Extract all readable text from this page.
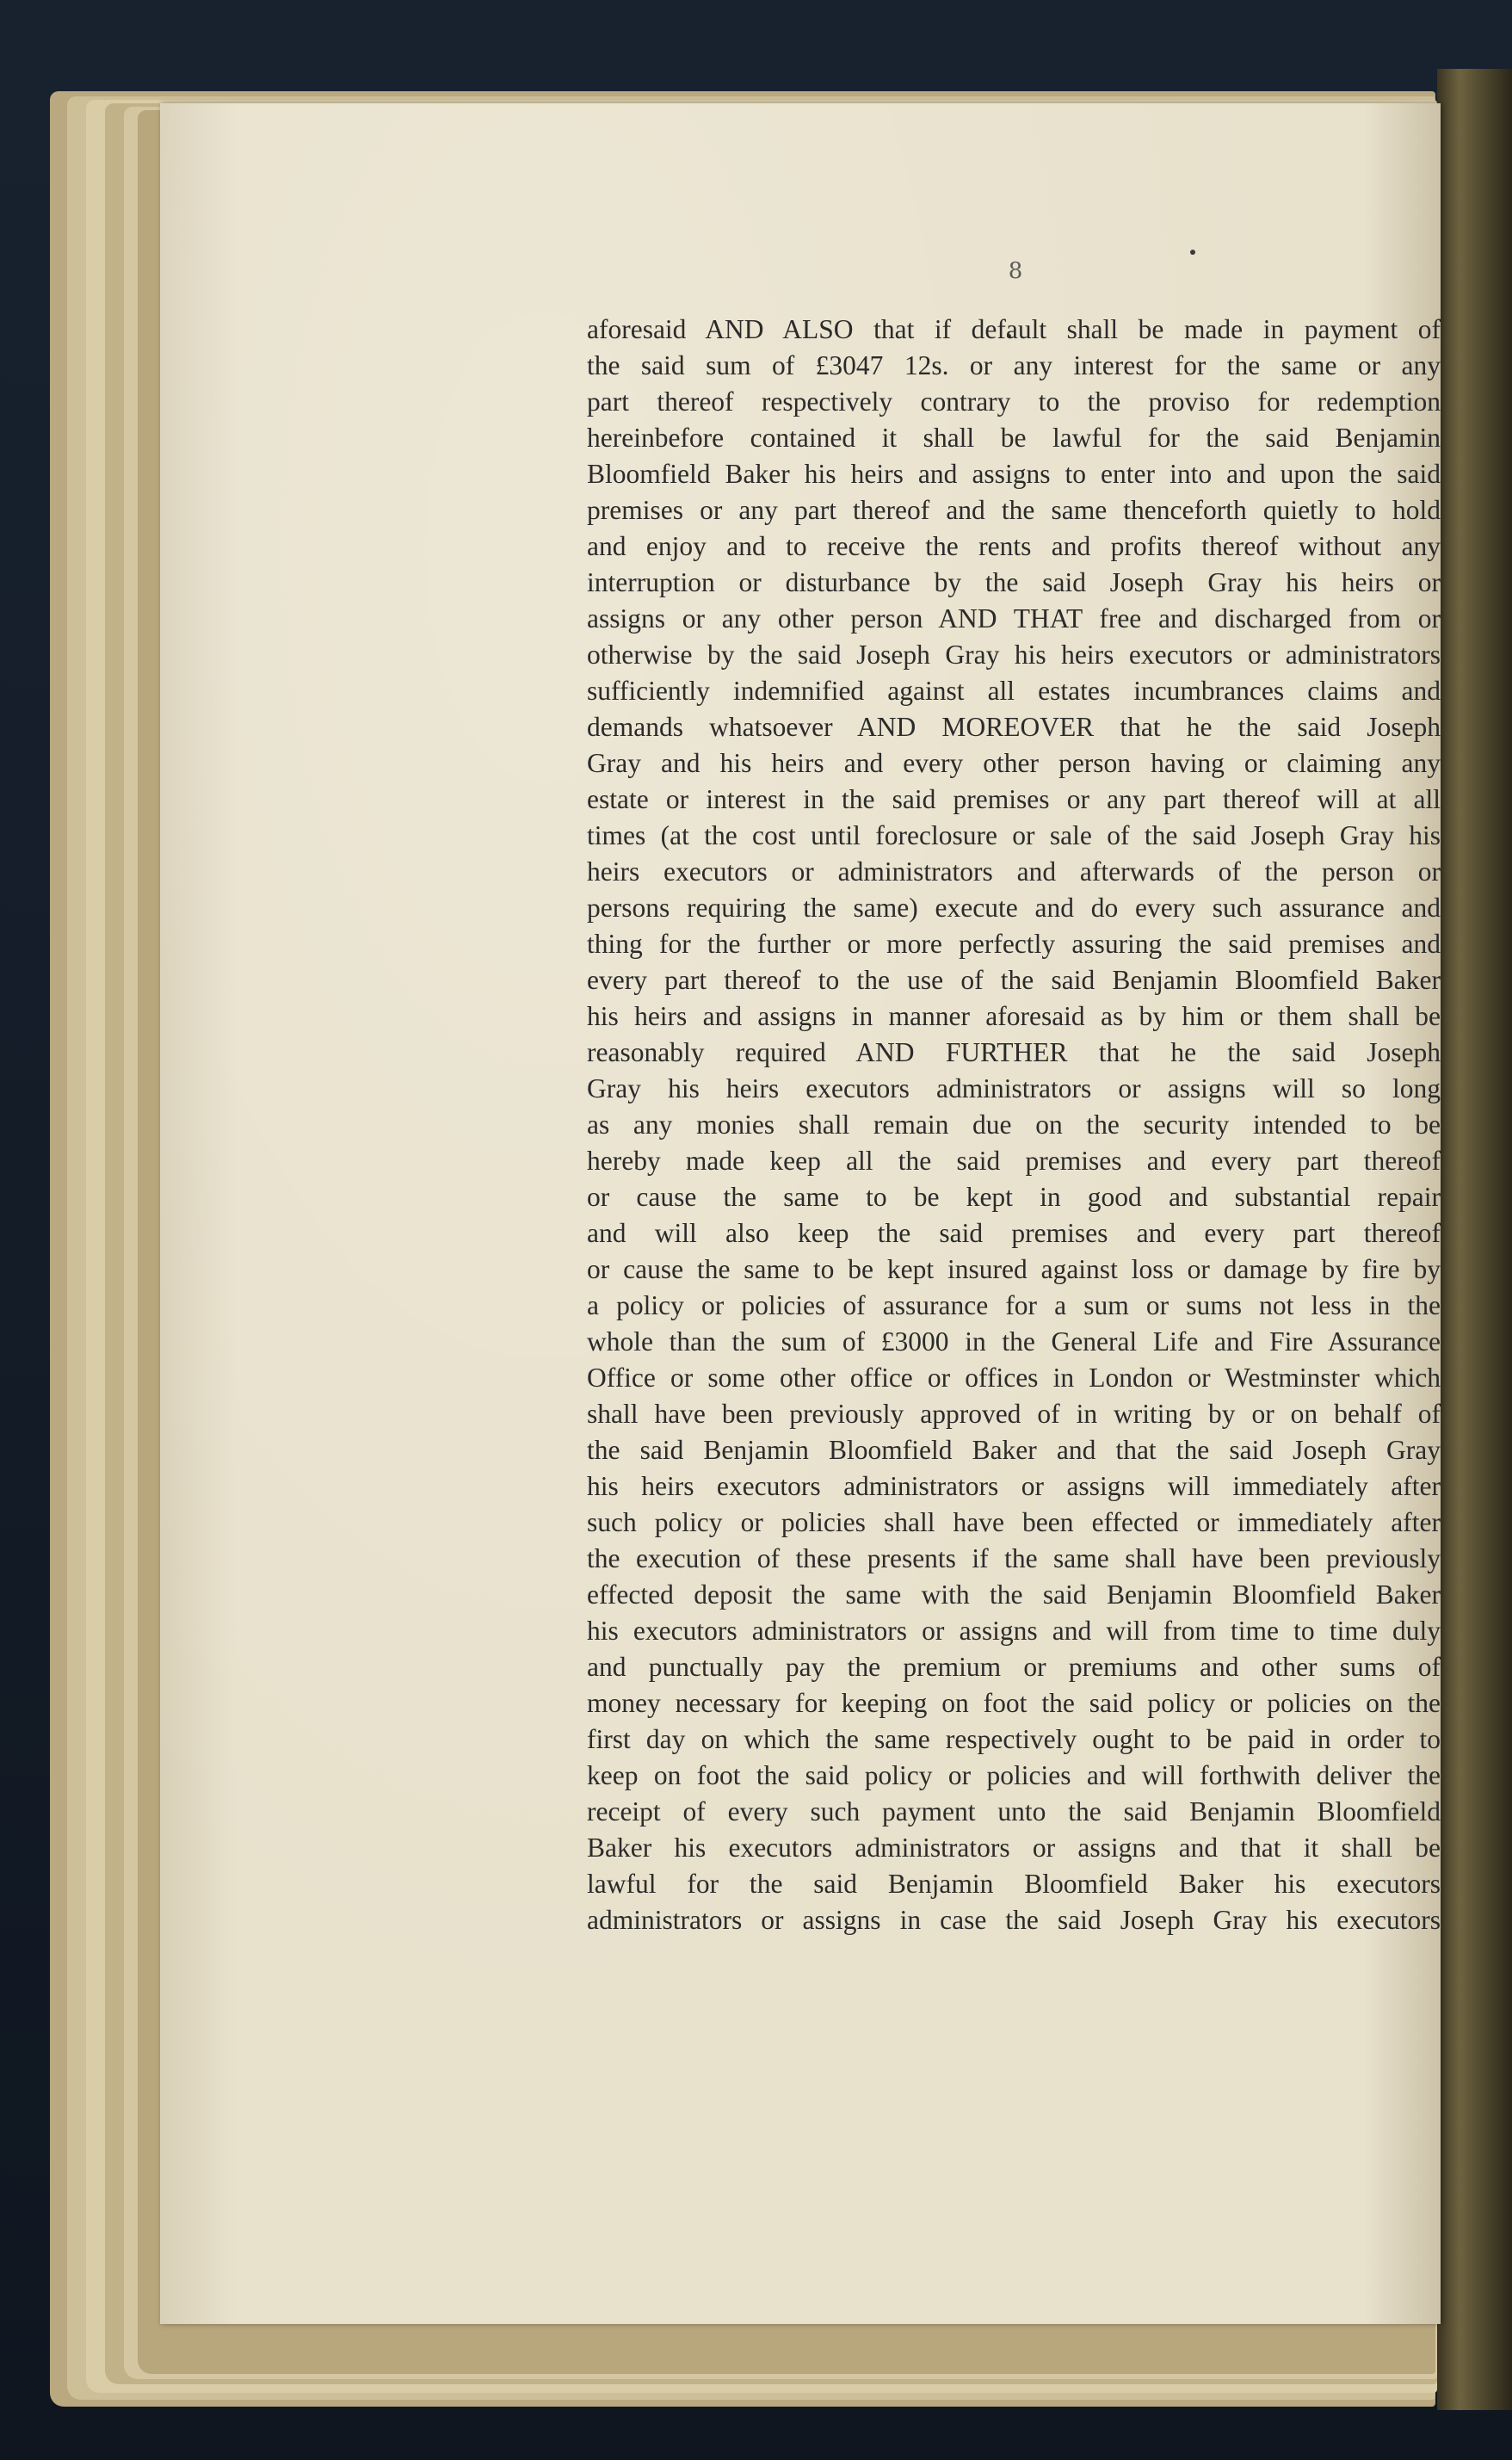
8
aforesaid AND ALSO that if default shall be made in payment of
the said sum of £3047 12s. or any interest for the same or any
part thereof respectively contrary to the proviso for redemption
hereinbefore contained it shall be lawful for the said Benjamin
Bloomfield Baker his heirs and assigns to enter into and upon the said
premises or any part thereof and the same thenceforth quietly to hold
and enjoy and to receive the rents and profits thereof without any
interruption or disturbance by the said Joseph Gray his heirs or
assigns or any other person AND THAT free and discharged from or
otherwise by the said Joseph Gray his heirs executors or administrators
sufficiently indemnified against all estates incumbrances claims and
demands whatsoever AND MOREOVER that he the said Joseph
Gray and his heirs and every other person having or claiming any
estate or interest in the said premises or any part thereof will at all
times (at the cost until foreclosure or sale of the said Joseph Gray his
heirs executors or administrators and afterwards of the person or
persons requiring the same) execute and do every such assurance and
thing for the further or more perfectly assuring the said premises and
every part thereof to the use of the said Benjamin Bloomfield Baker
his heirs and assigns in manner aforesaid as by him or them shall be
reasonably required AND FURTHER that he the said Joseph
Gray his heirs executors administrators or assigns will so long
as any monies shall remain due on the security intended to be
hereby made keep all the said premises and every part thereof
or cause the same to be kept in good and substantial repair
and will also keep the said premises and every part thereof
or cause the same to be kept insured against loss or damage by fire by
a policy or policies of assurance for a sum or sums not less in the
whole than the sum of £3000 in the General Life and Fire Assurance
Office or some other office or offices in London or Westminster which
shall have been previously approved of in writing by or on behalf of
the said Benjamin Bloomfield Baker and that the said Joseph Gray
his heirs executors administrators or assigns will immediately after
such policy or policies shall have been effected or immediately after
the execution of these presents if the same shall have been previously
effected deposit the same with the said Benjamin Bloomfield Baker
his executors administrators or assigns and will from time to time duly
and punctually pay the premium or premiums and other sums of
money necessary for keeping on foot the said policy or policies on the
first day on which the same respectively ought to be paid in order to
keep on foot the said policy or policies and will forthwith deliver the
receipt of every such payment unto the said Benjamin Bloomfield
Baker his executors administrators or assigns and that it shall be
lawful for the said Benjamin Bloomfield Baker his executors
administrators or assigns in case the said Joseph Gray his executors
